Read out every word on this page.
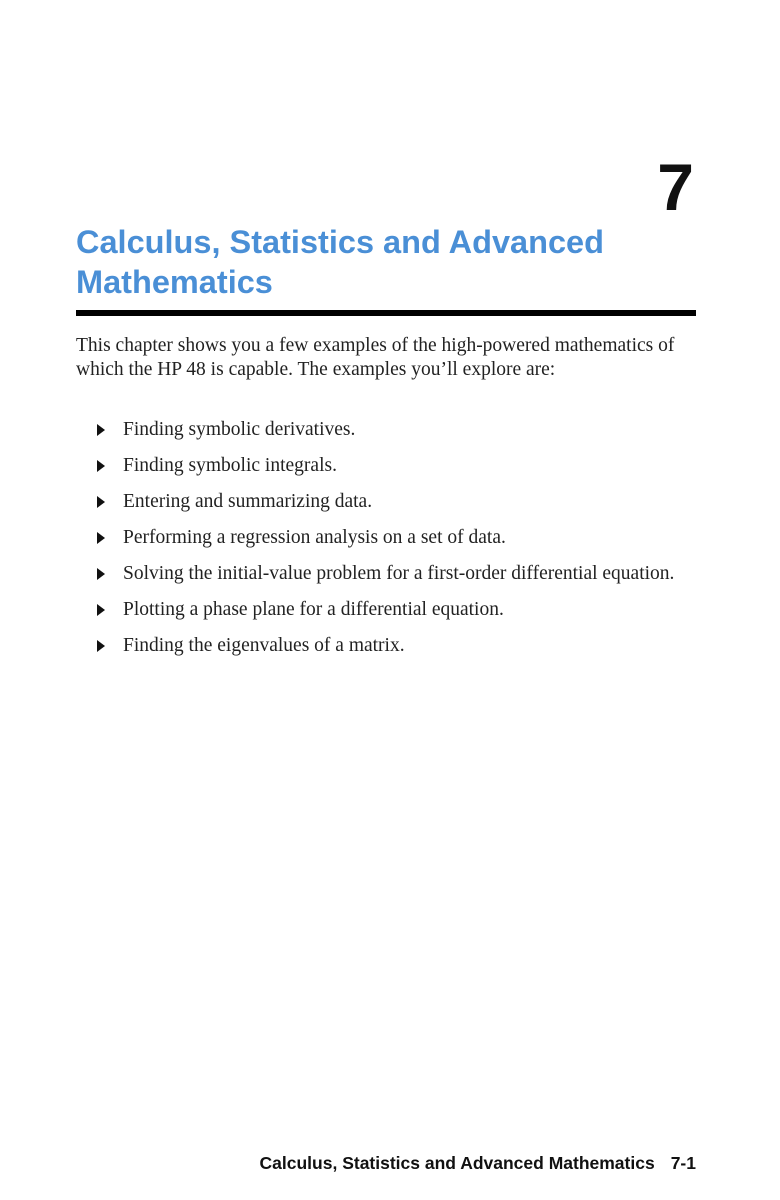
7
Calculus, Statistics and Advanced Mathematics

This chapter shows you a few examples of the high-powered mathematics of which the HP 48 is capable. The examples you’ll explore are:

Finding symbolic derivatives.
Finding symbolic integrals.
Entering and summarizing data.
Performing a regression analysis on a set of data.
Solving the initial-value problem for a first-order differential equation.
Plotting a phase plane for a differential equation.
Finding the eigenvalues of a matrix.
Calculus, Statistics and Advanced Mathematics 7-1
